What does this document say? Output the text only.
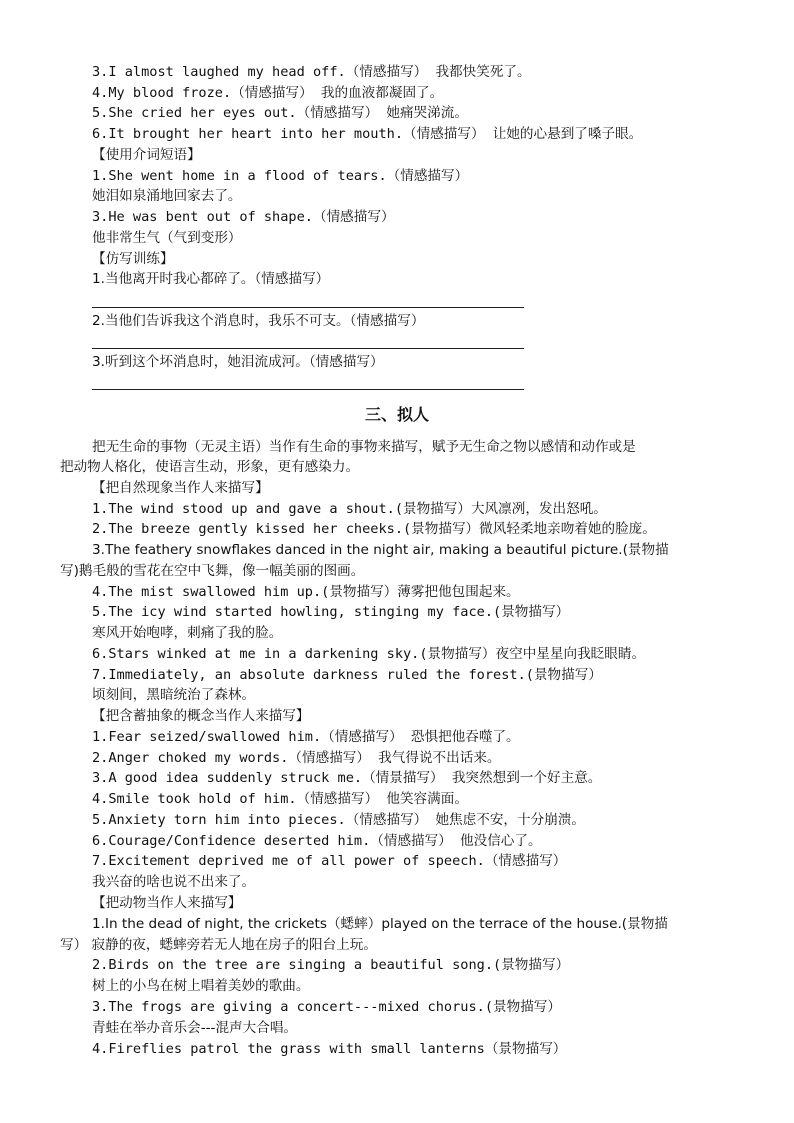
3.I almost laughed my head off.（情感描写） 我都快笑死了。
4.My blood froze.（情感描写） 我的血液都凝固了。
5.She cried her eyes out.（情感描写） 她痛哭涕流。
6.It brought her heart into her mouth.（情感描写） 让她的心悬到了嗓子眼。
【使用介词短语】
1.She went home in a flood of tears.（情感描写）
她泪如泉涌地回家去了。
3.He was bent out of shape.（情感描写）
他非常生气（气到变形）
【仿写训练】
1.当他离开时我心都碎了。（情感描写）
2.当他们告诉我这个消息时，我乐不可支。（情感描写）
3.听到这个坏消息时，她泪流成河。（情感描写）
三、拟人
把无生命的事物（无灵主语）当作有生命的事物来描写，赋予无生命之物以感情和动作或是
把动物人格化，使语言生动，形象，更有感染力。
【把自然现象当作人来描写】
1.The wind stood up and gave a shout.(景物描写）大风凛冽，发出怒吼。
2.The breeze gently kissed her cheeks.(景物描写）微风轻柔地亲吻着她的脸庞。
3.The feathery snowflakes danced in the night air, making a beautiful picture.(景物描
写)鹅毛般的雪花在空中飞舞，像一幅美丽的图画。
4.The mist swallowed him up.(景物描写）薄雾把他包围起来。
5.The icy wind started howling, stinging my face.(景物描写）
寒风开始咆哮，刺痛了我的脸。
6.Stars winked at me in a darkening sky.(景物描写）夜空中星星向我眨眼睛。
7.Immediately, an absolute darkness ruled the forest.(景物描写）
顷刻间，黑暗统治了森林。
【把含蓄抽象的概念当作人来描写】
1.Fear seized/swallowed him.（情感描写） 恐惧把他吞噬了。
2.Anger choked my words.（情感描写） 我气得说不出话来。
3.A good idea suddenly struck me.（情景描写） 我突然想到一个好主意。
4.Smile took hold of him.（情感描写） 他笑容满面。
5.Anxiety torn him into pieces.（情感描写） 她焦虑不安，十分崩溃。
6.Courage/Confidence deserted him.（情感描写） 他没信心了。
7.Excitement deprived me of all power of speech.（情感描写）
我兴奋的啥也说不出来了。
【把动物当作人来描写】
1.In the dead of night, the crickets（蟋蟀）played on the terrace of the house.(景物描
写） 寂静的夜，蟋蟀旁若无人地在房子的阳台上玩。
2.Birds on the tree are singing a beautiful song.(景物描写）
树上的小鸟在树上唱着美妙的歌曲。
3.The frogs are giving a concert---mixed chorus.(景物描写）
青蛙在举办音乐会---混声大合唱。
4.Fireflies patrol the grass with small lanterns（景物描写）
